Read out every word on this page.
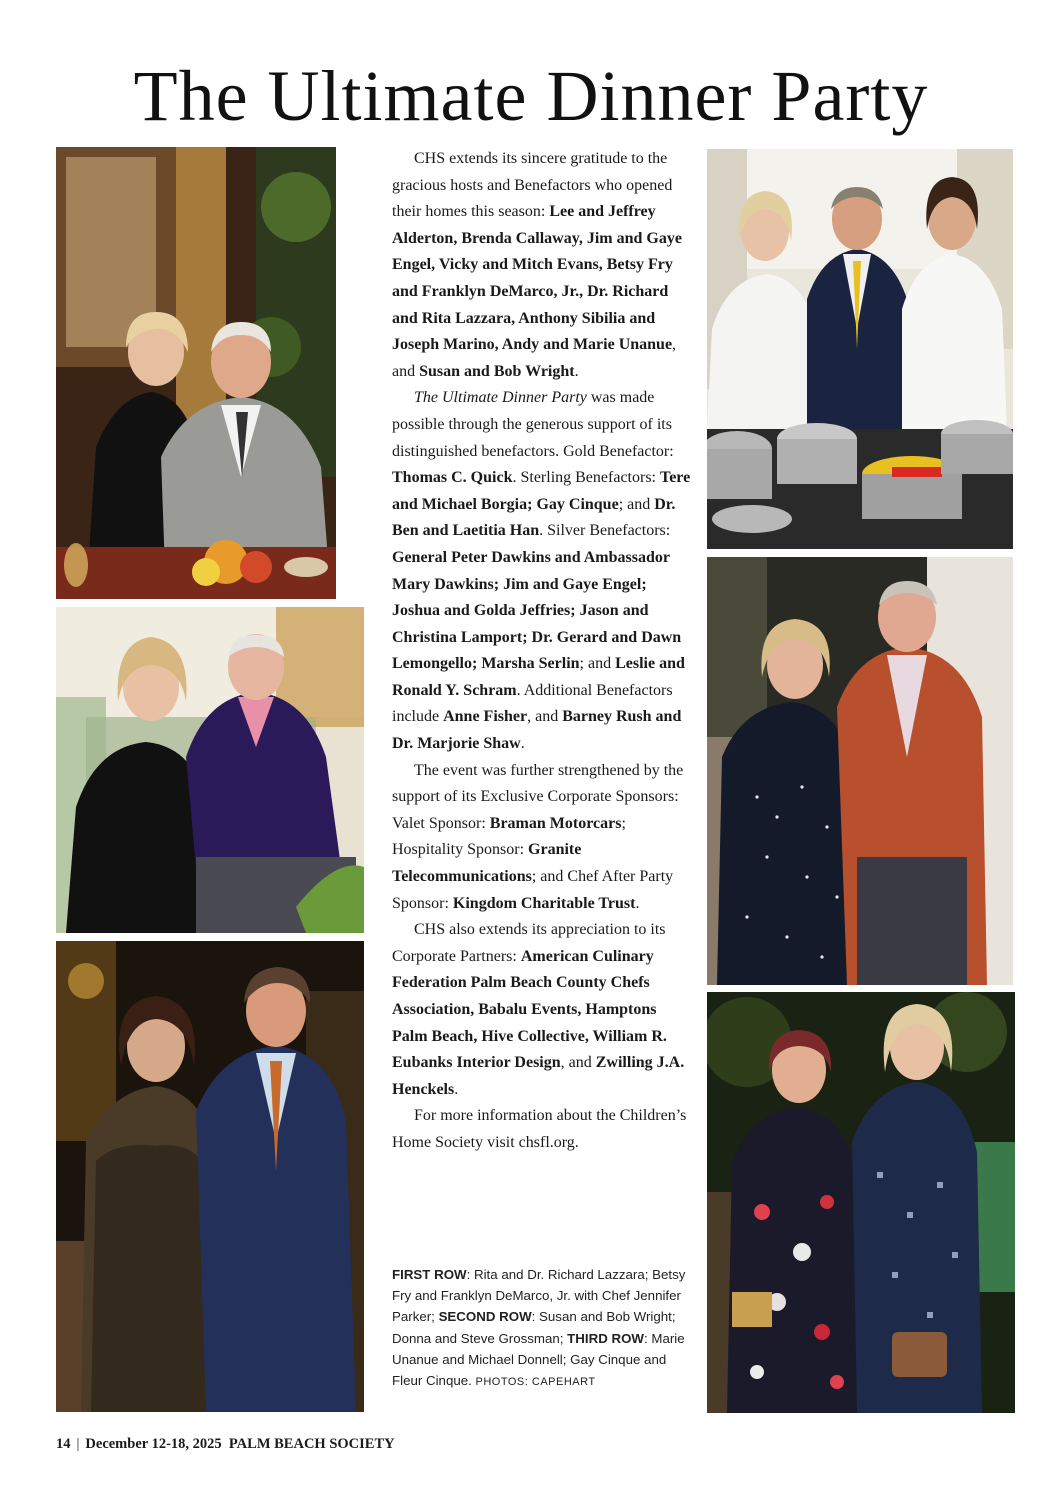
The Ultimate Dinner Party

CHS extends its sincere gratitude to the gracious hosts and Benefactors who opened their homes this season: Lee and Jeffrey Alderton, Brenda Callaway, Jim and Gaye Engel, Vicky and Mitch Evans, Betsy Fry and Franklyn DeMarco, Jr., Dr. Richard and Rita Lazzara, Anthony Sibilia and Joseph Marino, Andy and Marie Unanue, and Susan and Bob Wright.

The Ultimate Dinner Party was made possible through the generous support of its distinguished benefactors. Gold Benefactor: Thomas C. Quick. Sterling Benefactors: Tere and Michael Borgia; Gay Cinque; and Dr. Ben and Laetitia Han. Silver Benefactors: General Peter Dawkins and Ambassador Mary Dawkins; Jim and Gaye Engel; Joshua and Golda Jeffries; Jason and Christina Lamport; Dr. Gerard and Dawn Lemongello; Marsha Serlin; and Leslie and Ronald Y. Schram. Additional Benefactors include Anne Fisher, and Barney Rush and Dr. Marjorie Shaw.

The event was further strengthened by the support of its Exclusive Corporate Sponsors: Valet Sponsor: Braman Motorcars; Hospitality Sponsor: Granite Telecommunications; and Chef After Party Sponsor: Kingdom Charitable Trust.

CHS also extends its appreciation to its Corporate Partners: American Culinary Federation Palm Beach County Chefs Association, Babalu Events, Hamptons Palm Beach, Hive Collective, William R. Eubanks Interior Design, and Zwilling J.A. Henckels.

For more information about the Children’s Home Society visit chsfl.org.

FIRST ROW: Rita and Dr. Richard Lazzara; Betsy Fry and Franklyn DeMarco, Jr. with Chef Jennifer Parker; SECOND ROW: Susan and Bob Wright; Donna and Steve Grossman; THIRD ROW: Marie Unanue and Michael Donnell; Gay Cinque and Fleur Cinque. PHOTOS: CAPEHART
14 | December 12-18, 2025 PALM BEACH SOCIETY
